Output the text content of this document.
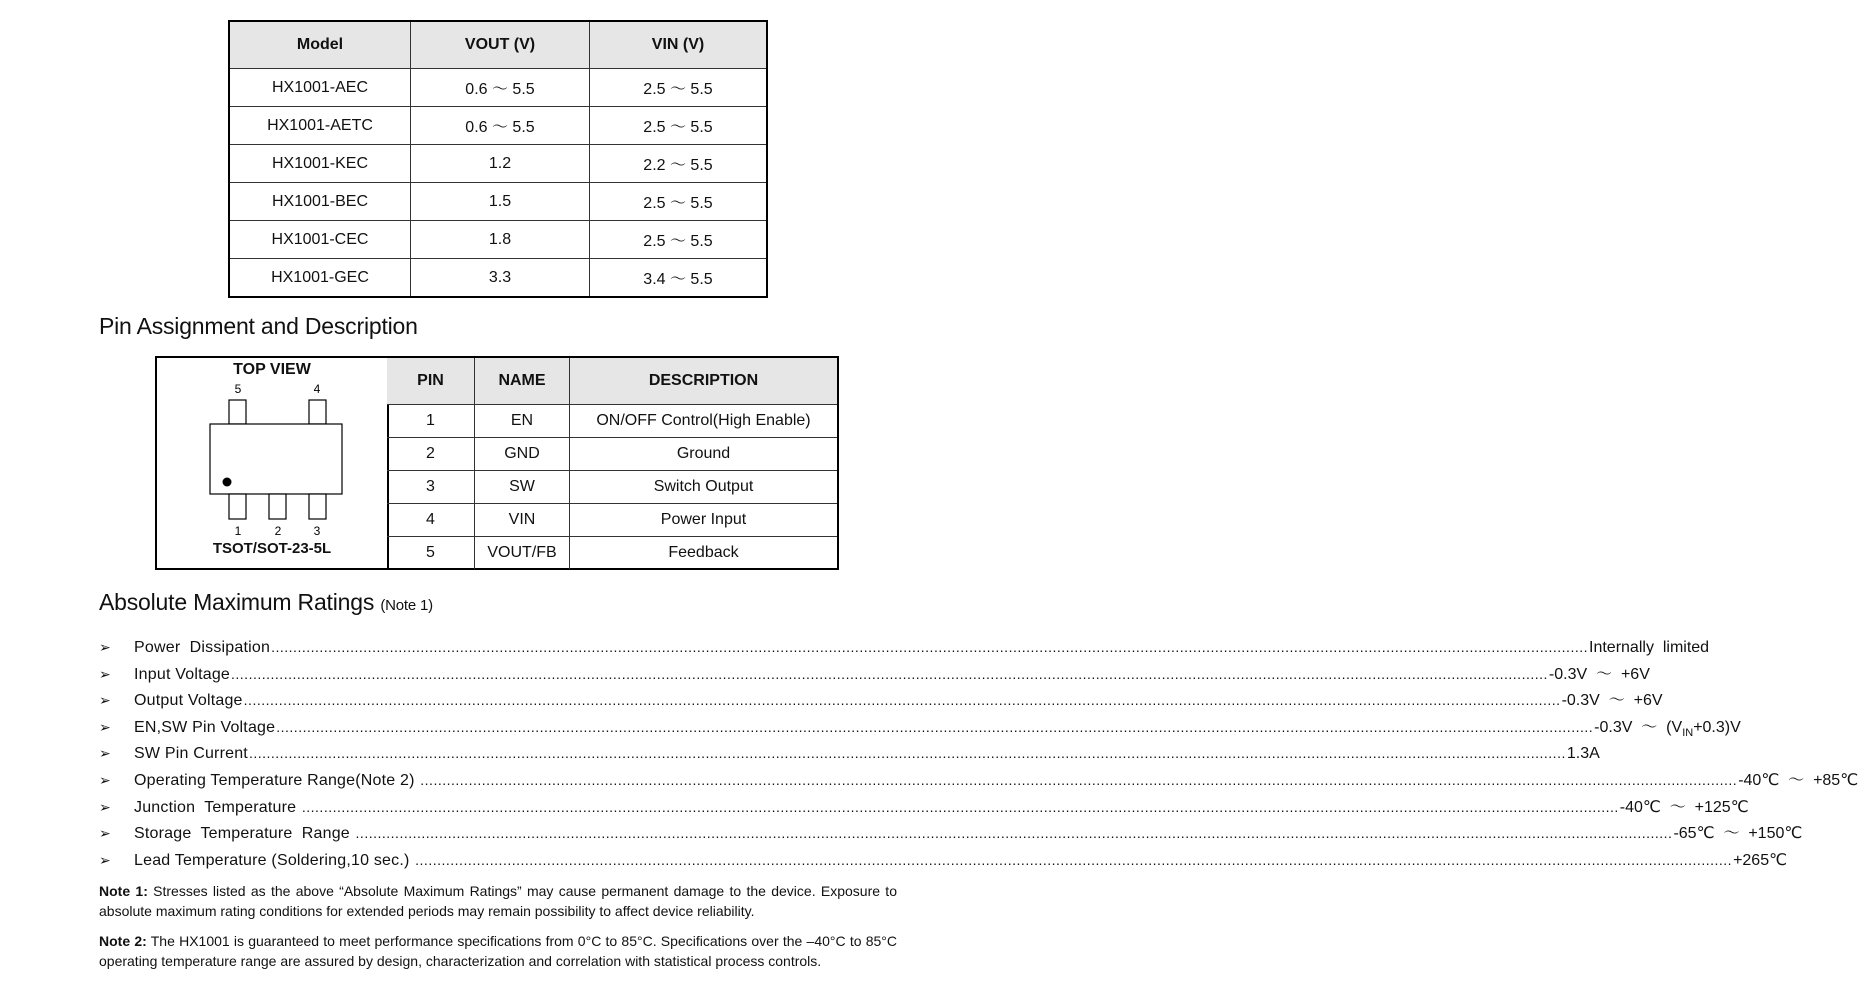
Model	VOUT (V)	VIN (V)
HX1001-AEC	0.6 ～ 5.5	2.5 ～ 5.5
HX1001-AETC	0.6 ～ 5.5	2.5 ～ 5.5
HX1001-KEC	1.2	2.2 ～ 5.5
HX1001-BEC	1.5	2.5 ～ 5.5
HX1001-CEC	1.8	2.5 ～ 5.5
HX1001-GEC	3.3	3.4 ～ 5.5
Pin Assignment and Description
TOP VIEW
5	4
1	2	3
TSOT/SOT-23-5L
PIN	NAME	DESCRIPTION
1	EN	ON/OFF Control(High Enable)
2	GND	Ground
3	SW	Switch Output
4	VIN	Power Input
5	VOUT/FB	Feedback
Absolute Maximum Ratings (Note 1)
➢	Power  Dissipation ............................................................................................................................................................................................................................................................................................................ Internally  limited
➢	Input Voltage ............................................................................................................................................................................................................................................................................................................ -0.3V  ～  +6V
➢	Output Voltage ............................................................................................................................................................................................................................................................................................................ -0.3V  ～  +6V
➢	EN,SW Pin Voltage ............................................................................................................................................................................................................................................................................................................ -0.3V  ～  $(V_{IN}+0.3)V$
➢	SW Pin Current ............................................................................................................................................................................................................................................................................................................ 1.3A
➢	Operating Temperature Range(Note 2) ............................................................................................................................................................................................................................................................................................................ -40℃  ～  +85℃
➢	Junction  Temperature ............................................................................................................................................................................................................................................................................................................ -40℃  ～  +125℃
➢	Storage  Temperature  Range ............................................................................................................................................................................................................................................................................................................ -65℃  ～  +150℃
➢	Lead Temperature (Soldering,10 sec.) ............................................................................................................................................................................................................................................................................................................ +265℃

Note 1: Stresses listed as the above “Absolute Maximum Ratings” may cause permanent damage to the device. Exposure to absolute maximum rating conditions for extended periods may remain possibility to affect device reliability.

Note 2: The HX1001 is guaranteed to meet performance specifications from 0°C to 85°C. Specifications over the –40°C to 85°C operating temperature range are assured by design, characterization and correlation with statistical process controls.
